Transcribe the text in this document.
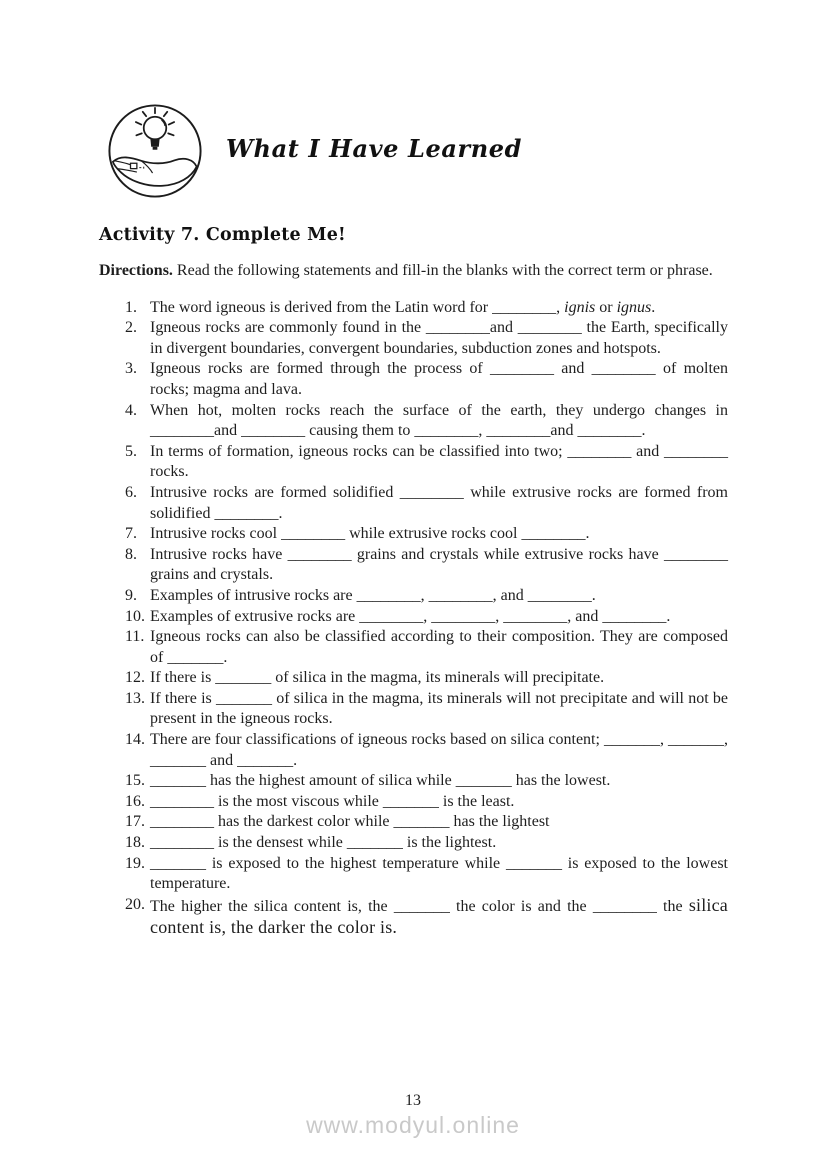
What I Have Learned
Activity 7. Complete Me!

Directions. Read the following statements and fill-in the blanks with the correct term or phrase.

1. The word igneous is derived from the Latin word for ________, ignis or ignus.
2. Igneous rocks are commonly found in the ________and ________ the Earth, specifically in divergent boundaries, convergent boundaries, subduction zones and hotspots.
3. Igneous rocks are formed through the process of ________ and ________ of molten rocks; magma and lava.
4. When hot, molten rocks reach the surface of the earth, they undergo changes in ________and ________ causing them to ________, ________and ________.
5. In terms of formation, igneous rocks can be classified into two; ________ and ________ rocks.
6. Intrusive rocks are formed solidified ________ while extrusive rocks are formed from solidified ________.
7. Intrusive rocks cool ________ while extrusive rocks cool ________.
8. Intrusive rocks have ________ grains and crystals while extrusive rocks have ________ grains and crystals.
9. Examples of intrusive rocks are ________, ________, and ________.
10. Examples of extrusive rocks are ________, ________, ________, and ________.
11. Igneous rocks can also be classified according to their composition. They are composed of _______.
12. If there is _______ of silica in the magma, its minerals will precipitate.
13. If there is _______ of silica in the magma, its minerals will not precipitate and will not be present in the igneous rocks.
14. There are four classifications of igneous rocks based on silica content; _______, _______, _______ and _______.
15. _______ has the highest amount of silica while _______ has the lowest.
16. ________ is the most viscous while _______ is the least.
17. ________ has the darkest color while _______ has the lightest
18. ________ is the densest while _______ is the lightest.
19. _______ is exposed to the highest temperature while _______ is exposed to the lowest temperature.
20. The higher the silica content is, the _______ the color is and the ________ the silica content is, the darker the color is.
13
www.modyul.online
